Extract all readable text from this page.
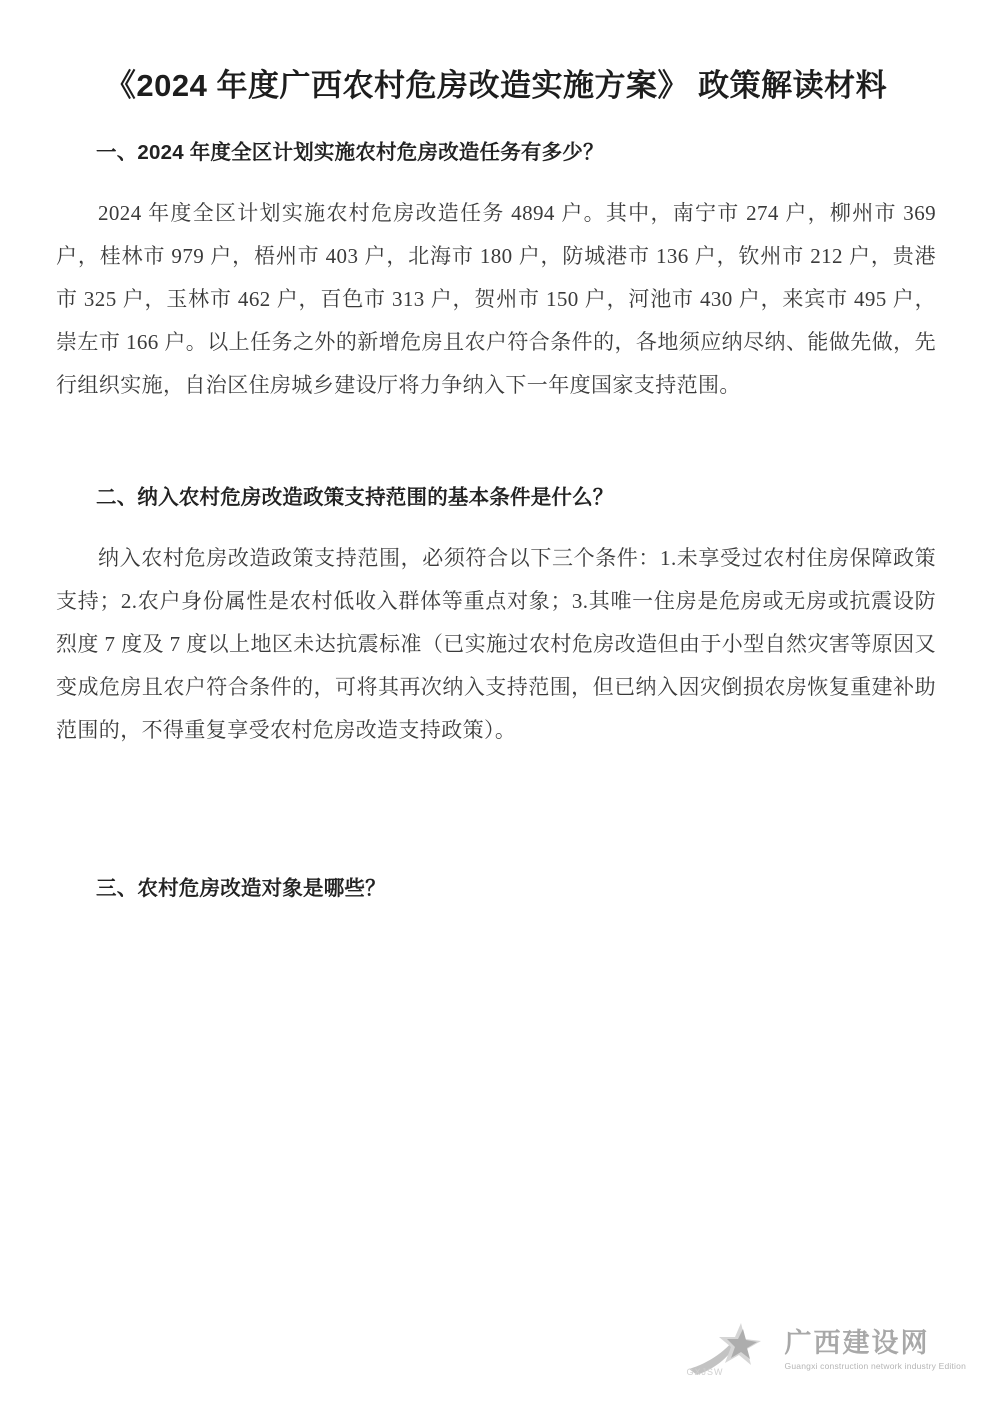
《2024 年度广西农村危房改造实施方案》 政策解读材料
一、2024 年度全区计划实施农村危房改造任务有多少？

2024 年度全区计划实施农村危房改造任务 4894 户。其中，南宁市 274 户，柳州市 369 户，桂林市 979 户，梧州市 403 户，北海市 180 户，防城港市 136 户，钦州市 212 户，贵港市 325 户，玉林市 462 户，百色市 313 户，贺州市 150 户，河池市 430 户，来宾市 495 户，崇左市 166 户。以上任务之外的新增危房且农户符合条件的，各地须应纳尽纳、能做先做，先行组织实施，自治区住房城乡建设厅将力争纳入下一年度国家支持范围。

二、纳入农村危房改造政策支持范围的基本条件是什么？

纳入农村危房改造政策支持范围，必须符合以下三个条件：1.未享受过农村住房保障政策支持；2.农户身份属性是农村低收入群体等重点对象；3.其唯一住房是危房或无房或抗震设防烈度 7 度及 7 度以上地区未达抗震标准（已实施过农村危房改造但由于小型自然灾害等原因又变成危房且农户符合条件的，可将其再次纳入支持范围，但已纳入因灾倒损农房恢复重建补助范围的，不得重复享受农村危房改造支持政策）。

三、农村危房改造对象是哪些？
GXJSW
广西建设网
Guangxi construction network industry Edition
